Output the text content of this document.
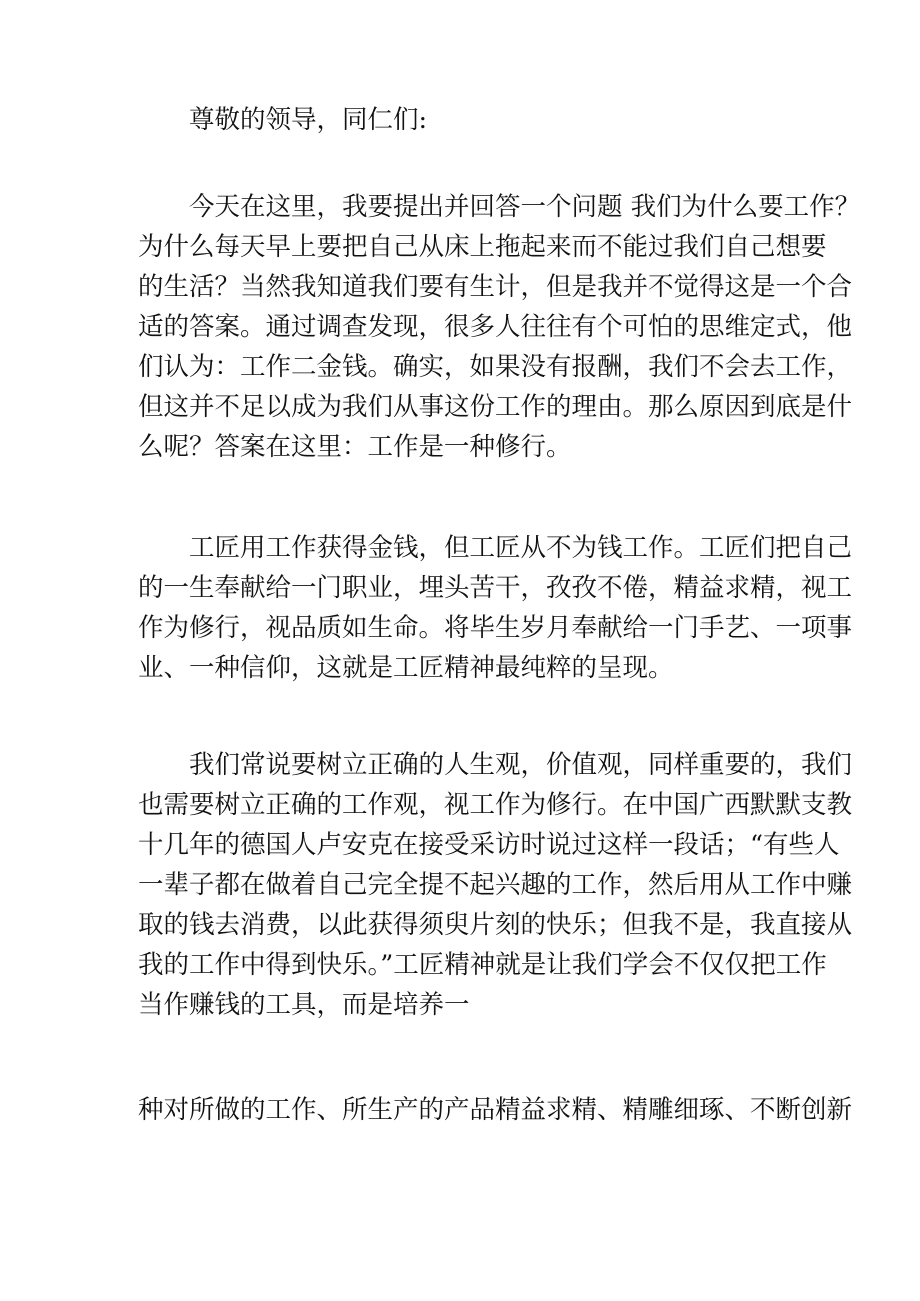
尊敬的领导，同仁们:

今天在这里，我要提出并回答一个问题 我们为什么要工作？
为什么每天早上要把自己从床上拖起来而不能过我们自己想要
的生活？当然我知道我们要有生计，但是我并不觉得这是一个合
适的答案。通过调查发现，很多人往往有个可怕的思维定式，他
们认为：工作二金钱。确实，如果没有报酬，我们不会去工作，
但这并不足以成为我们从事这份工作的理由。那么原因到底是什
么呢？答案在这里：工作是一种修行。

工匠用工作获得金钱，但工匠从不为钱工作。工匠们把自己
的一生奉献给一门职业，埋头苦干，孜孜不倦，精益求精，视工
作为修行，视品质如生命。将毕生岁月奉献给一门手艺、一项事
业、一种信仰，这就是工匠精神最纯粹的呈现。

我们常说要树立正确的人生观，价值观，同样重要的，我们
也需要树立正确的工作观，视工作为修行。在中国广西默默支教
十几年的德国人卢安克在接受采访时说过这样一段话；“有些人
一辈子都在做着自己完全提不起兴趣的工作，然后用从工作中赚
取的钱去消费，以此获得须臾片刻的快乐；但我不是，我直接从
我的工作中得到快乐。”工匠精神就是让我们学会不仅仅把工作
当作赚钱的工具，而是培养一

种对所做的工作、所生产的产品精益求精、精雕细琢、不断创新
